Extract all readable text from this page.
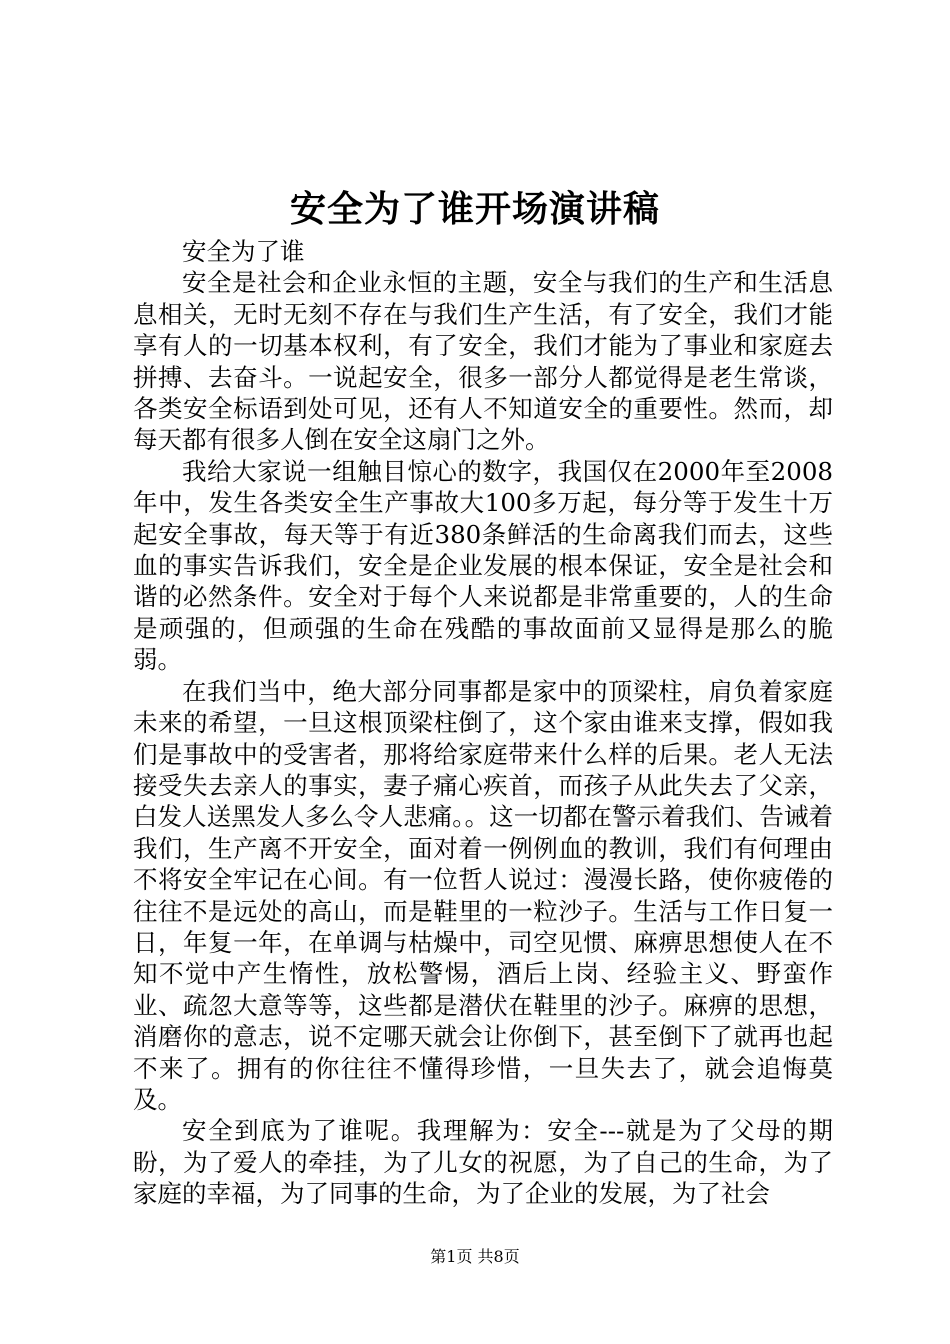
安全为了谁开场演讲稿

安全为了谁

安全是社会和企业永恒的主题，安全与我们的生产和生活息息相关，无时无刻不存在与我们生产生活，有了安全，我们才能享有人的一切基本权利，有了安全，我们才能为了事业和家庭去拼搏、去奋斗。一说起安全，很多一部分人都觉得是老生常谈，各类安全标语到处可见，还有人不知道安全的重要性。然而，却每天都有很多人倒在安全这扇门之外。

我给大家说一组触目惊心的数字，我国仅在2000年至2008年中，发生各类安全生产事故大100多万起，每分等于发生十万起安全事故，每天等于有近380条鲜活的生命离我们而去，这些血的事实告诉我们，安全是企业发展的根本保证，安全是社会和谐的必然条件。安全对于每个人来说都是非常重要的，人的生命是顽强的，但顽强的生命在残酷的事故面前又显得是那么的脆弱。

在我们当中，绝大部分同事都是家中的顶梁柱，肩负着家庭未来的希望，一旦这根顶梁柱倒了，这个家由谁来支撑，假如我们是事故中的受害者，那将给家庭带来什么样的后果。老人无法接受失去亲人的事实，妻子痛心疾首，而孩子从此失去了父亲，白发人送黑发人多么令人悲痛。。这一切都在警示着我们、告诫着我们，生产离不开安全，面对着一例例血的教训，我们有何理由不将安全牢记在心间。有一位哲人说过：漫漫长路，使你疲倦的往往不是远处的高山，而是鞋里的一粒沙子。生活与工作日复一日，年复一年，在单调与枯燥中，司空见惯、麻痹思想使人在不知不觉中产生惰性，放松警惕，酒后上岗、经验主义、野蛮作业、疏忽大意等等，这些都是潜伏在鞋里的沙子。麻痹的思想，消磨你的意志，说不定哪天就会让你倒下，甚至倒下了就再也起不来了。拥有的你往往不懂得珍惜，一旦失去了，就会追悔莫及。

安全到底为了谁呢。我理解为：安全---就是为了父母的期盼，为了爱人的牵挂，为了儿女的祝愿，为了自己的生命，为了家庭的幸福，为了同事的生命，为了企业的发展，为了社会

第1页 共8页
